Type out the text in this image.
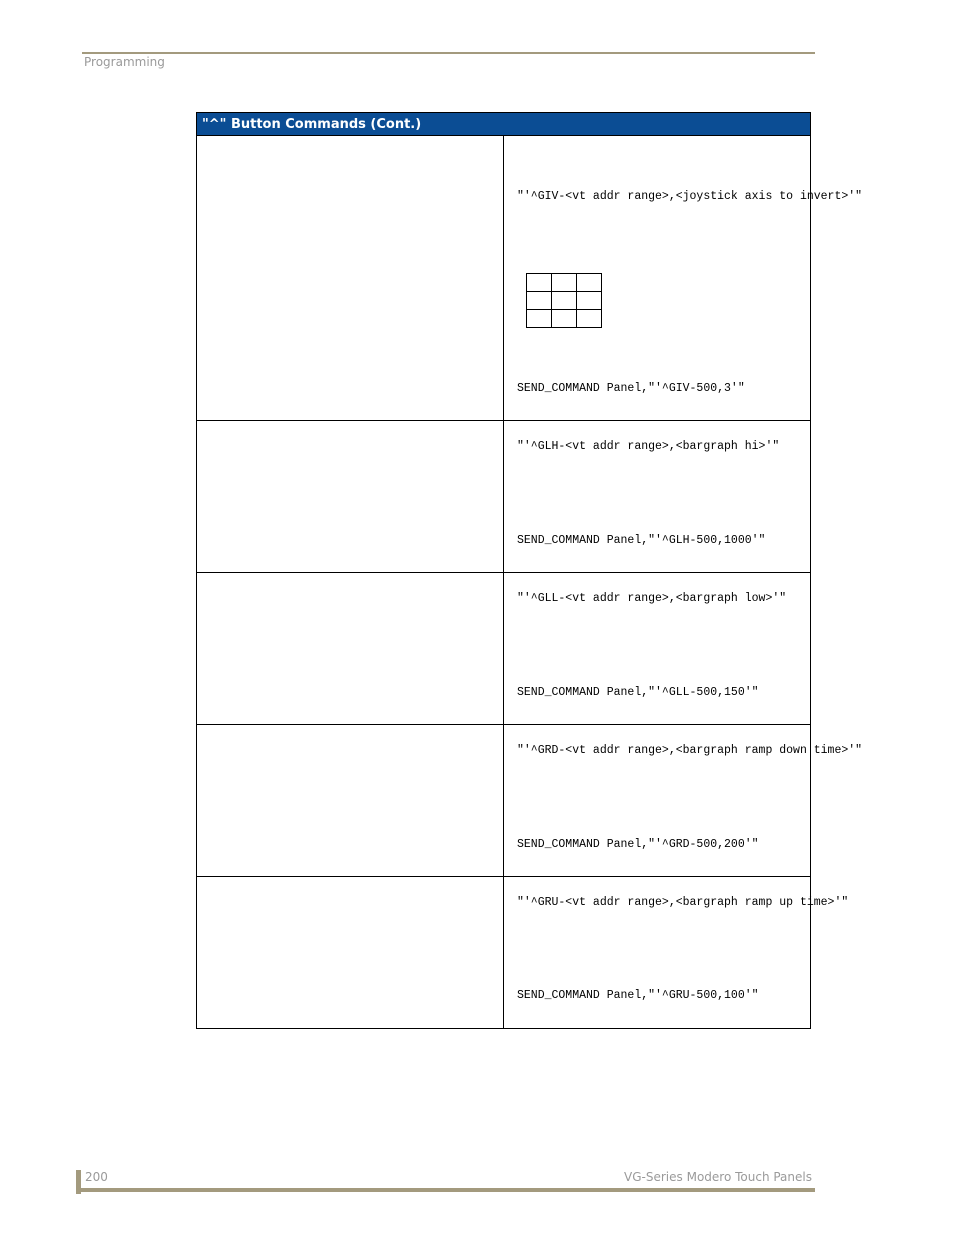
Programming
"^" Button Commands (Cont.)

"'^GIV-<vt addr range>,<joystick axis to invert>'"

SEND_COMMAND Panel,"'^GIV-500,3'"

"'^GLH-<vt addr range>,<bargraph hi>'"
SEND_COMMAND Panel,"'^GLH-500,1000'"

"'^GLL-<vt addr range>,<bargraph low>'"
SEND_COMMAND Panel,"'^GLL-500,150'"

"'^GRD-<vt addr range>,<bargraph ramp down time>'"
SEND_COMMAND Panel,"'^GRD-500,200'"

"'^GRU-<vt addr range>,<bargraph ramp up time>'"
SEND_COMMAND Panel,"'^GRU-500,100'"
200	VG-Series Modero Touch Panels
